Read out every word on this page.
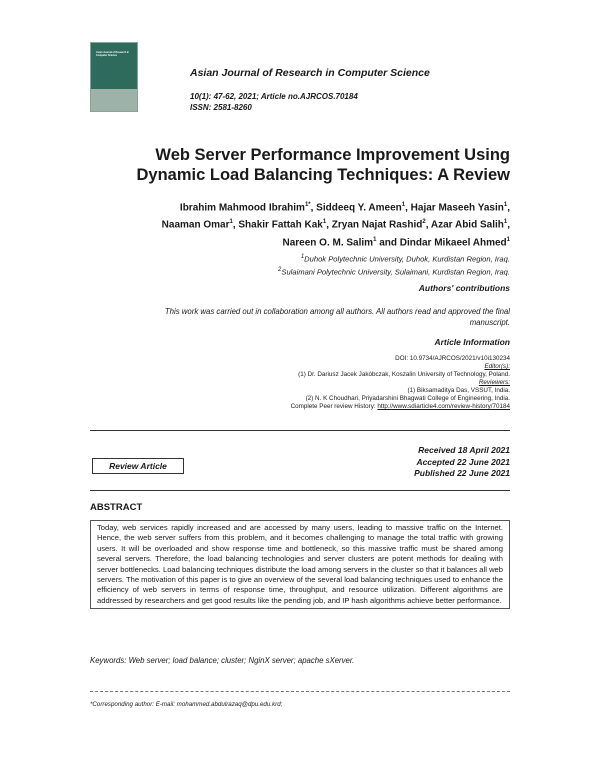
Asian Journal of Research in Computer Science
Asian Journal of Research in Computer Science
10(1): 47-62, 2021; Article no.AJRCOS.70184
ISSN: 2581-8260
Web Server Performance Improvement Using
Dynamic Load Balancing Techniques: A Review
Ibrahim Mahmood Ibrahim$^{1*}$, Siddeeq Y. Ameen$^1$, Hajar Maseeh Yasin$^1$,
Naaman Omar$^1$, Shakir Fattah Kak$^1$, Zryan Najat Rashid$^2$, Azar Abid Salih$^1$,
Nareen O. M. Salim$^1$ and Dindar Mikaeel Ahmed$^1$
$^1$Duhok Polytechnic University, Duhok, Kurdistan Region, Iraq.
$^2$Sulaimani Polytechnic University, Sulaimani, Kurdistan Region, Iraq.
Authors' contributions
This work was carried out in collaboration among all authors. All authors read and approved the final
manuscript.
Article Information
DOI: 10.9734/AJRCOS/2021/v10i130234
Editor(s):
(1) Dr. Dariusz Jacek Jakóbczak, Koszalin University of Technology, Poland.
Reviewers:
(1) Biksamaditya Das, VSSUT, India.
(2) N. K Choudhari, Priyadarshini Bhagwati College of Engineering, India.
Complete Peer review History: http://www.sdiarticle4.com/review-history/70184
Review Article
Received 18 April 2021
Accepted 22 June 2021
Published 22 June 2021
ABSTRACT
Today, web services rapidly increased and are accessed by many users, leading to massive traffic on the Internet. Hence, the web server suffers from this problem, and it becomes challenging to manage the total traffic with growing users. It will be overloaded and show response time and bottleneck, so this massive traffic must be shared among several servers. Therefore, the load balancing technologies and server clusters are potent methods for dealing with server bottlenecks. Load balancing techniques distribute the load among servers in the cluster so that it balances all web servers. The motivation of this paper is to give an overview of the several load balancing techniques used to enhance the efficiency of web servers in terms of response time, throughput, and resource utilization. Different algorithms are addressed by researchers and get good results like the pending job, and IP hash algorithms achieve better performance.
Keywords: Web server; load balance; cluster; NginX server; apache sXerver.
*Corresponding author: E-mail: mohammed.abdulrazaq@dpu.edu.krd;
